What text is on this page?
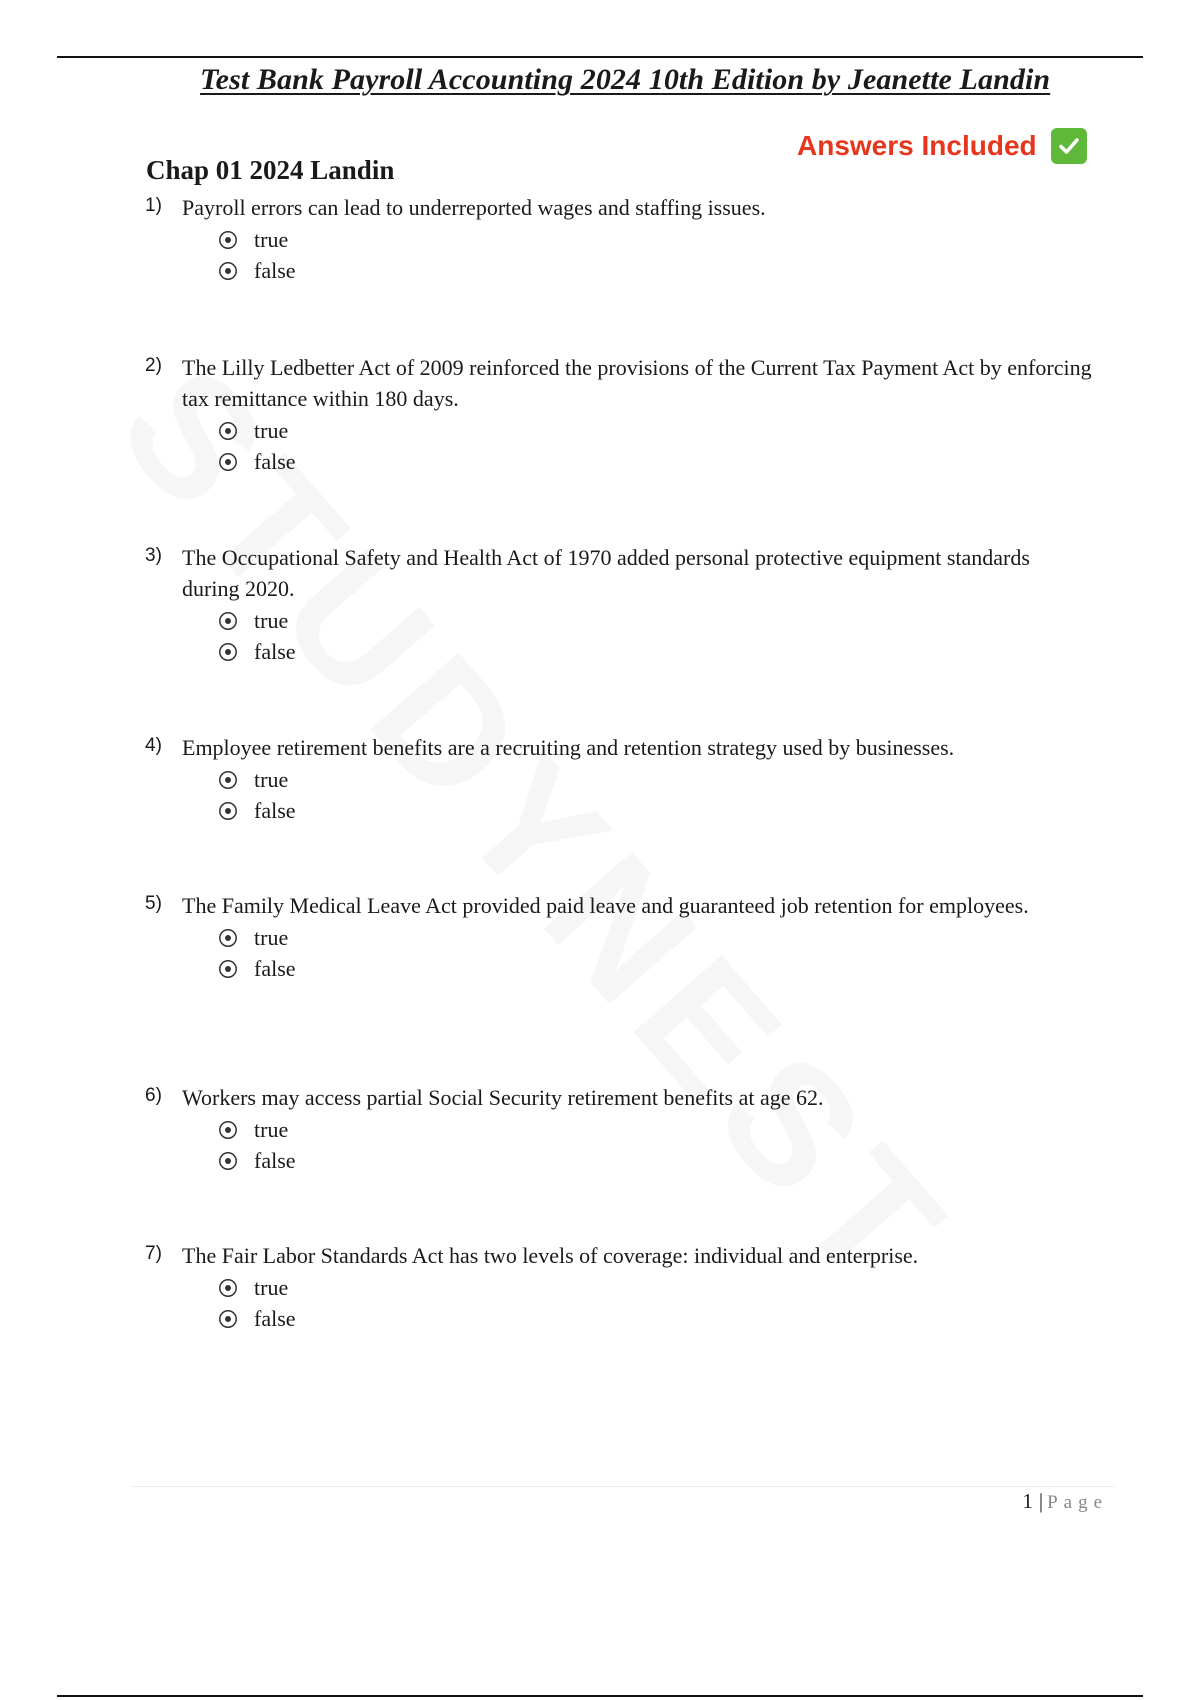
Test Bank Payroll Accounting 2024 10th Edition by Jeanette Landin
Answers Included
Chap 01 2024 Landin
1) Payroll errors can lead to underreported wages and staffing issues.
true
false
2) The Lilly Ledbetter Act of 2009 reinforced the provisions of the Current Tax Payment Act by enforcing tax remittance within 180 days.
true
false
3) The Occupational Safety and Health Act of 1970 added personal protective equipment standards during 2020.
true
false
4) Employee retirement benefits are a recruiting and retention strategy used by businesses.
true
false
5) The Family Medical Leave Act provided paid leave and guaranteed job retention for employees.
true
false
6) Workers may access partial Social Security retirement benefits at age 62.
true
false
7) The Fair Labor Standards Act has two levels of coverage: individual and enterprise.
true
false
1 | Page
